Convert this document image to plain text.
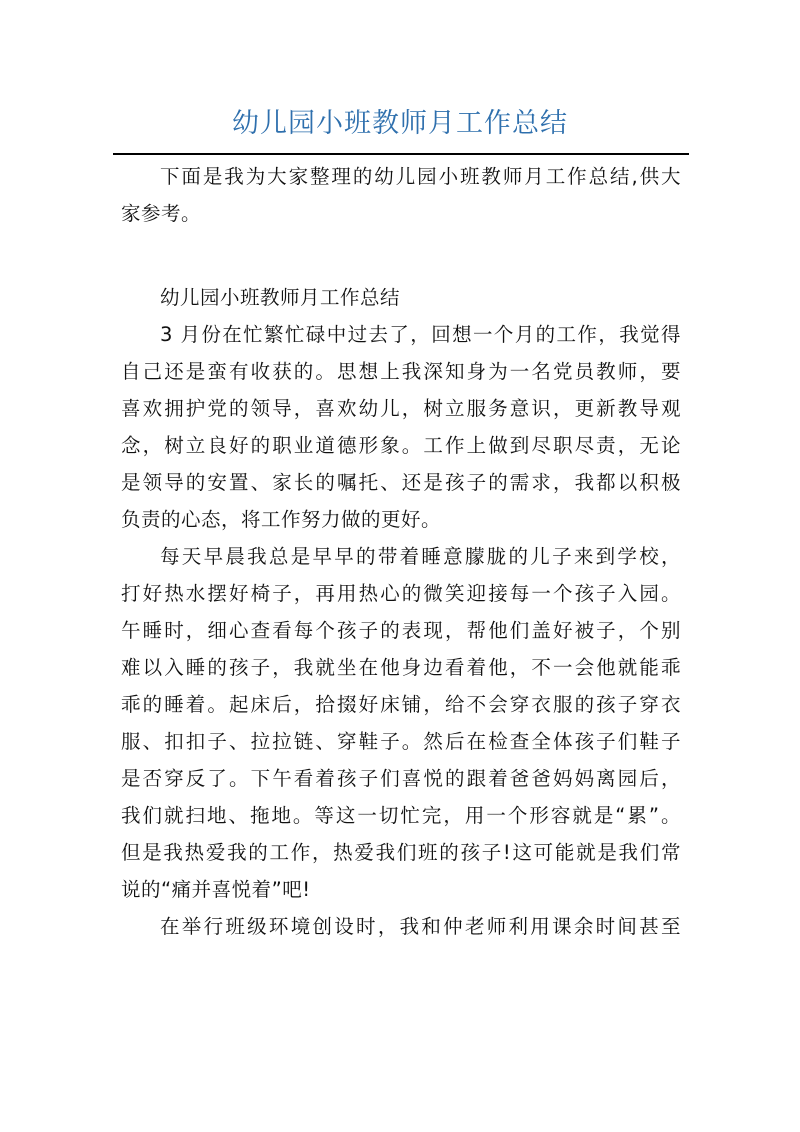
幼儿园小班教师月工作总结
下面是我为大家整理的幼儿园小班教师月工作总结,供大
家参考。
幼儿园小班教师月工作总结
3 月份在忙繁忙碌中过去了，回想一个月的工作，我觉得
自己还是蛮有收获的。思想上我深知身为一名党员教师，要
喜欢拥护党的领导，喜欢幼儿，树立服务意识，更新教导观
念，树立良好的职业道德形象。工作上做到尽职尽责，无论
是领导的安置、家长的嘱托、还是孩子的需求，我都以积极
负责的心态，将工作努力做的更好。
每天早晨我总是早早的带着睡意朦胧的儿子来到学校，
打好热水摆好椅子，再用热心的微笑迎接每一个孩子入园。
午睡时，细心查看每个孩子的表现，帮他们盖好被子，个别
难以入睡的孩子，我就坐在他身边看着他，不一会他就能乖
乖的睡着。起床后，拾掇好床铺，给不会穿衣服的孩子穿衣
服、扣扣子、拉拉链、穿鞋子。然后在检查全体孩子们鞋子
是否穿反了。下午看着孩子们喜悦的跟着爸爸妈妈离园后，
我们就扫地、拖地。等这一切忙完，用一个形容就是“累”。
但是我热爱我的工作，热爱我们班的孩子!这可能就是我们常
说的“痛并喜悦着”吧!
在举行班级环境创设时，我和仲老师利用课余时间甚至
